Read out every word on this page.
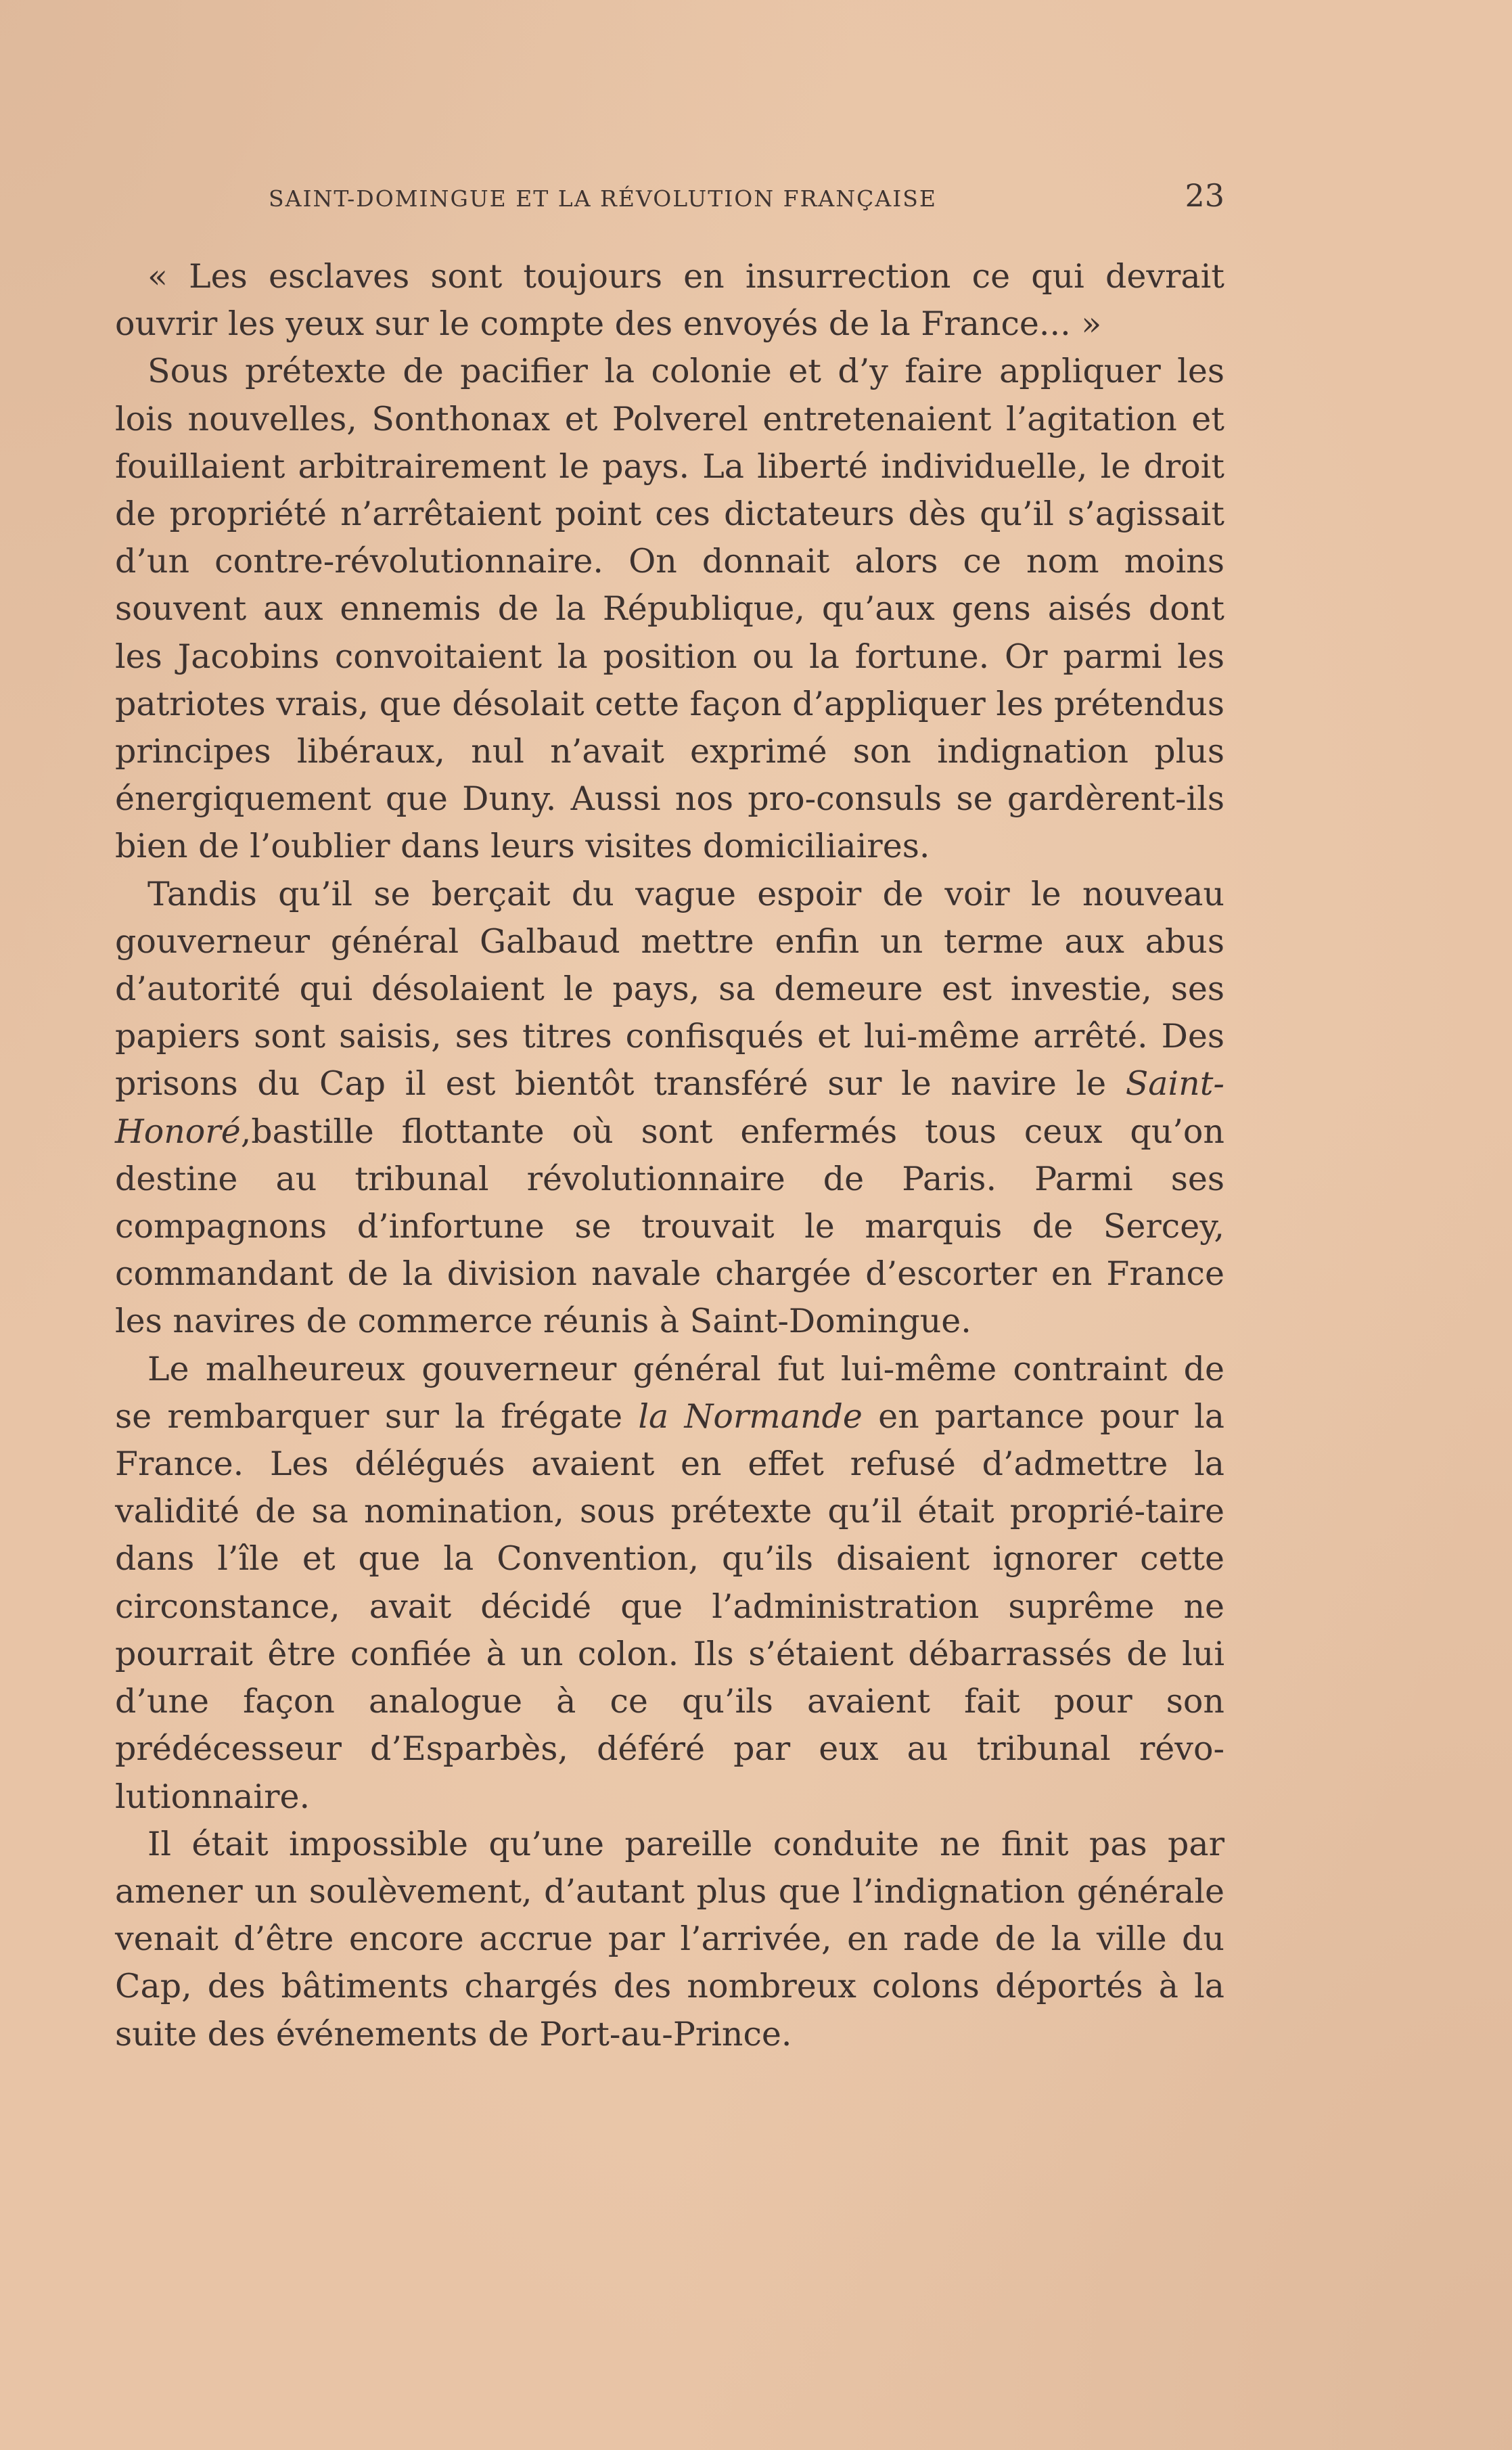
SAINT-DOMINGUE ET LA RÉVOLUTION FRANÇAISE	23

« Les esclaves sont toujours en insurrection ce qui devrait ouvrir les yeux sur le compte des envoyés de la France... »

Sous prétexte de pacifier la colonie et d’y faire appliquer les lois nouvelles, Sonthonax et Polverel entretenaient l’agitation et fouillaient arbitrairement le pays. La liberté individuelle, le droit de propriété n’arrêtaient point ces dictateurs dès qu’il s’agissait d’un contre-révolutionnaire. On donnait alors ce nom moins souvent aux ennemis de la République, qu’aux gens aisés dont les Jacobins convoitaient la position ou la fortune. Or parmi les patriotes vrais, que désolait cette façon d’appliquer les prétendus principes libéraux, nul n’avait exprimé son indignation plus énergiquement que Duny. Aussi nos pro-consuls se gardèrent-ils bien de l’oublier dans leurs visites domiciliaires.

Tandis qu’il se berçait du vague espoir de voir le nouveau gouverneur général Galbaud mettre enfin un terme aux abus d’autorité qui désolaient le pays, sa demeure est investie, ses papiers sont saisis, ses titres confisqués et lui-même arrêté. Des prisons du Cap il est bientôt transféré sur le navire le Saint-Honoré,bastille flottante où sont enfermés tous ceux qu’on destine au tribunal révolutionnaire de Paris. Parmi ses compagnons d’infortune se trouvait le marquis de Sercey, commandant de la division navale chargée d’escorter en France les navires de commerce réunis à Saint-Domingue.

Le malheureux gouverneur général fut lui-même contraint de se rembarquer sur la frégate la Normande en partance pour la France. Les délégués avaient en effet refusé d’admettre la validité de sa nomination, sous prétexte qu’il était proprié-taire dans l’île et que la Convention, qu’ils disaient ignorer cette circonstance, avait décidé que l’administration suprême ne pourrait être confiée à un colon. Ils s’étaient débarrassés de lui d’une façon analogue à ce qu’ils avaient fait pour son prédécesseur d’Esparbès, déféré par eux au tribunal révo-lutionnaire.

Il était impossible qu’une pareille conduite ne finit pas par amener un soulèvement, d’autant plus que l’indignation générale venait d’être encore accrue par l’arrivée, en rade de la ville du Cap, des bâtiments chargés des nombreux colons déportés à la suite des événements de Port-au-Prince.
